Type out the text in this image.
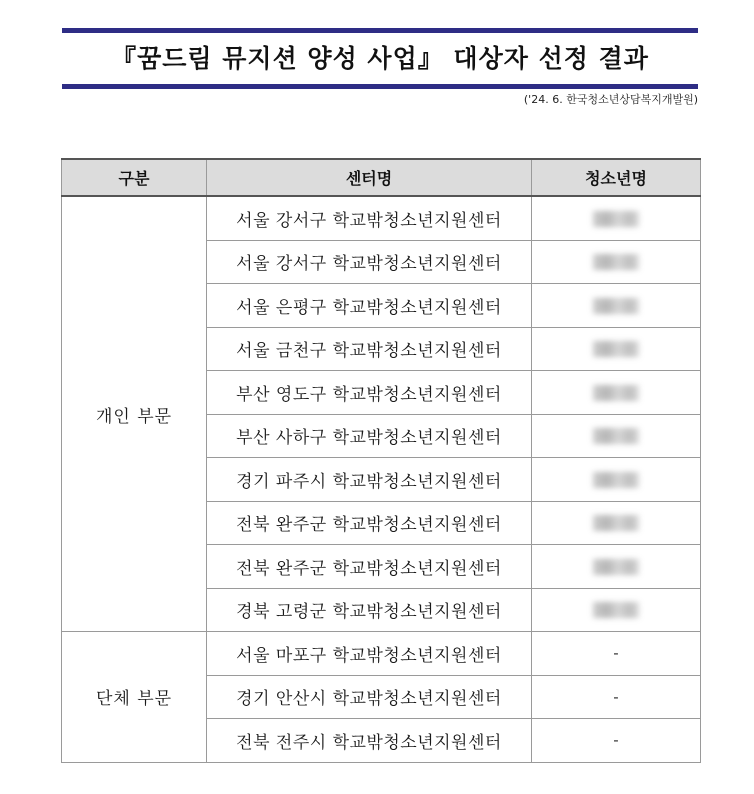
『꿈드림 뮤지션 양성 사업』 대상자 선정 결과
('24. 6. 한국청소년상담복지개발원)
구분	센터명	청소년명
개인 부문	서울 강서구 학교밖청소년지원센터	
	서울 강서구 학교밖청소년지원센터	
	서울 은평구 학교밖청소년지원센터	
	서울 금천구 학교밖청소년지원센터	
	부산 영도구 학교밖청소년지원센터	
	부산 사하구 학교밖청소년지원센터	
	경기 파주시 학교밖청소년지원센터	
	전북 완주군 학교밖청소년지원센터	
	전북 완주군 학교밖청소년지원센터	
	경북 고령군 학교밖청소년지원센터	
단체 부문	서울 마포구 학교밖청소년지원센터	-
	경기 안산시 학교밖청소년지원센터	-
	전북 전주시 학교밖청소년지원센터	-
